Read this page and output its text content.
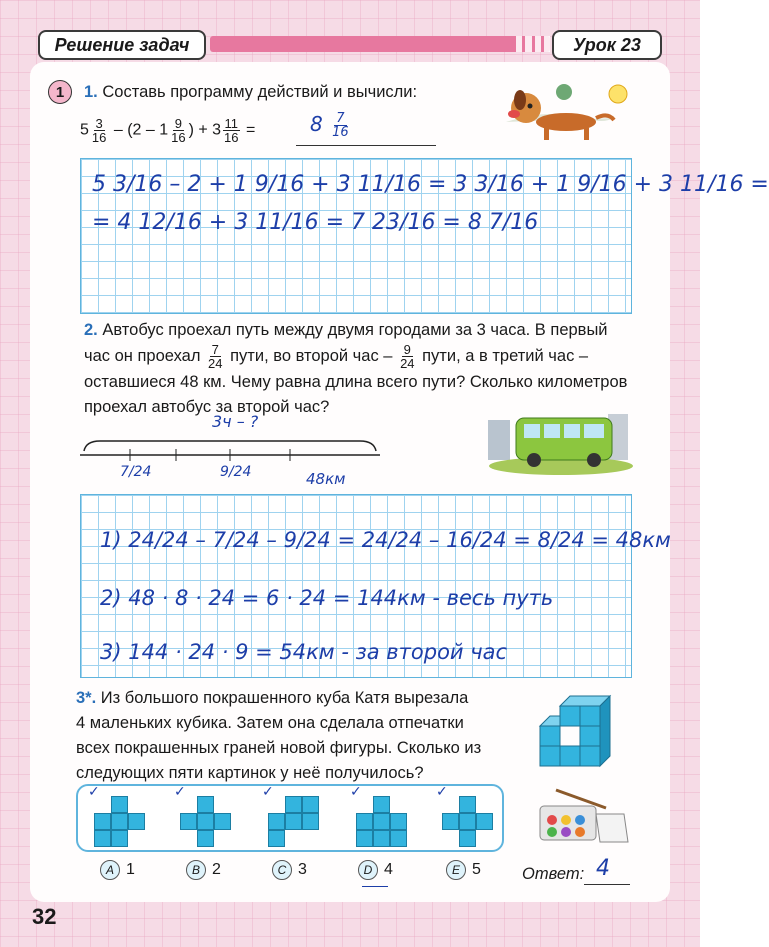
Решение задач	Урок 23
1	1. Составь программу действий и вычисли:
$5 \frac{3}{16} - (2 - 1 \frac{9}{16}$ ) + $3 \frac{11}{16}$ =	$8 \frac{7}{16}$
5 3/16 – 2 + 1 9/16 + 3 11/16 = 3 3/16 + 1 9/16 + 3 11/16 =
= 4 12/16 + 3 11/16 = 7 23/16 = 8 7/16
2. Автобус проехал путь между двумя городами за 3 часа. В первый
час он проехал $\frac{7}{24}$ пути, во второй час – $\frac{9}{24}$ пути, а в третий час –
оставшиеся 48 км. Чему равна длина всего пути? Сколько километров
проехал автобус за второй час?
3ч – ?
7/24	9/24	48км
1) 24/24 – 7/24 – 9/24 = 24/24 – 16/24 = 8/24 = 48км
2) 48 · 8 · 24 = 6 · 24 = 144км - весь путь
3) 144 · 24 · 9 = 54км - за второй час
3*. Из большого покрашенного куба Катя вырезала
4 маленьких кубика. Затем она сделала отпечатки
всех покрашенных граней новой фигуры. Сколько из
следующих пяти картинок у неё получилось?
✓	✓	✓	✓	✓
A 1	B 2	C 3	D 4	E 5 Ответ: 4
32
